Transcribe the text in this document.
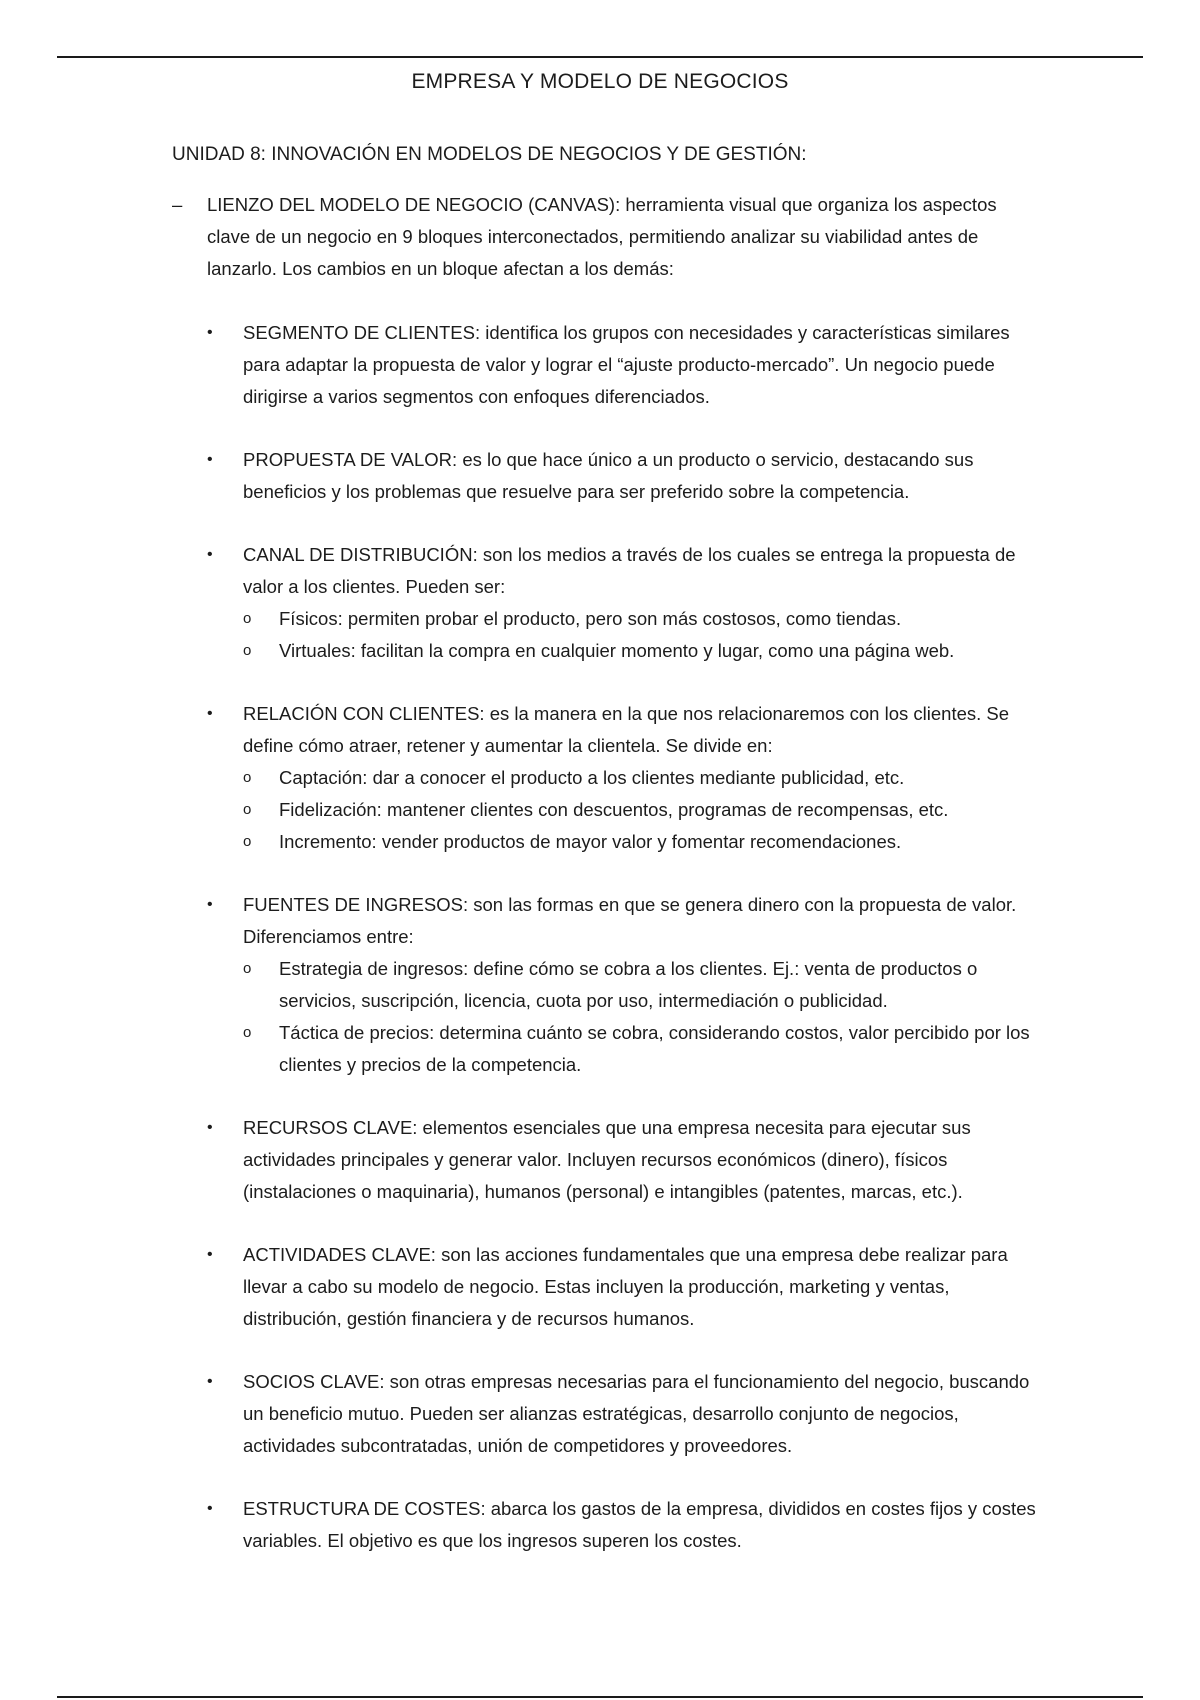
EMPRESA Y MODELO DE NEGOCIOS
UNIDAD 8: INNOVACIÓN EN MODELOS DE NEGOCIOS Y DE GESTIÓN:
–	LIENZO DEL MODELO DE NEGOCIO (CANVAS): herramienta visual que organiza los aspectos clave de un negocio en 9 bloques interconectados, permitiendo analizar su viabilidad antes de lanzarlo. Los cambios en un bloque afectan a los demás:
•	SEGMENTO DE CLIENTES: identifica los grupos con necesidades y características similares para adaptar la propuesta de valor y lograr el “ajuste producto-mercado”. Un negocio puede dirigirse a varios segmentos con enfoques diferenciados.
•	PROPUESTA DE VALOR: es lo que hace único a un producto o servicio, destacando sus beneficios y los problemas que resuelve para ser preferido sobre la competencia.
•	CANAL DE DISTRIBUCIÓN: son los medios a través de los cuales se entrega la propuesta de valor a los clientes. Pueden ser:
o Físicos: permiten probar el producto, pero son más costosos, como tiendas.
o Virtuales: facilitan la compra en cualquier momento y lugar, como una página web.
•	RELACIÓN CON CLIENTES: es la manera en la que nos relacionaremos con los clientes. Se define cómo atraer, retener y aumentar la clientela. Se divide en:
o Captación: dar a conocer el producto a los clientes mediante publicidad, etc.
o Fidelización: mantener clientes con descuentos, programas de recompensas, etc.
o Incremento: vender productos de mayor valor y fomentar recomendaciones.
•	FUENTES DE INGRESOS: son las formas en que se genera dinero con la propuesta de valor. Diferenciamos entre:
o Estrategia de ingresos: define cómo se cobra a los clientes. Ej.: venta de productos o servicios, suscripción, licencia, cuota por uso, intermediación o publicidad.
o Táctica de precios: determina cuánto se cobra, considerando costos, valor percibido por los clientes y precios de la competencia.
•	RECURSOS CLAVE: elementos esenciales que una empresa necesita para ejecutar sus actividades principales y generar valor. Incluyen recursos económicos (dinero), físicos (instalaciones o maquinaria), humanos (personal) e intangibles (patentes, marcas, etc.).
•	ACTIVIDADES CLAVE: son las acciones fundamentales que una empresa debe realizar para llevar a cabo su modelo de negocio. Estas incluyen la producción, marketing y ventas, distribución, gestión financiera y de recursos humanos.
•	SOCIOS CLAVE: son otras empresas necesarias para el funcionamiento del negocio, buscando un beneficio mutuo. Pueden ser alianzas estratégicas, desarrollo conjunto de negocios, actividades subcontratadas, unión de competidores y proveedores.
•	ESTRUCTURA DE COSTES: abarca los gastos de la empresa, divididos en costes fijos y costes variables. El objetivo es que los ingresos superen los costes.
